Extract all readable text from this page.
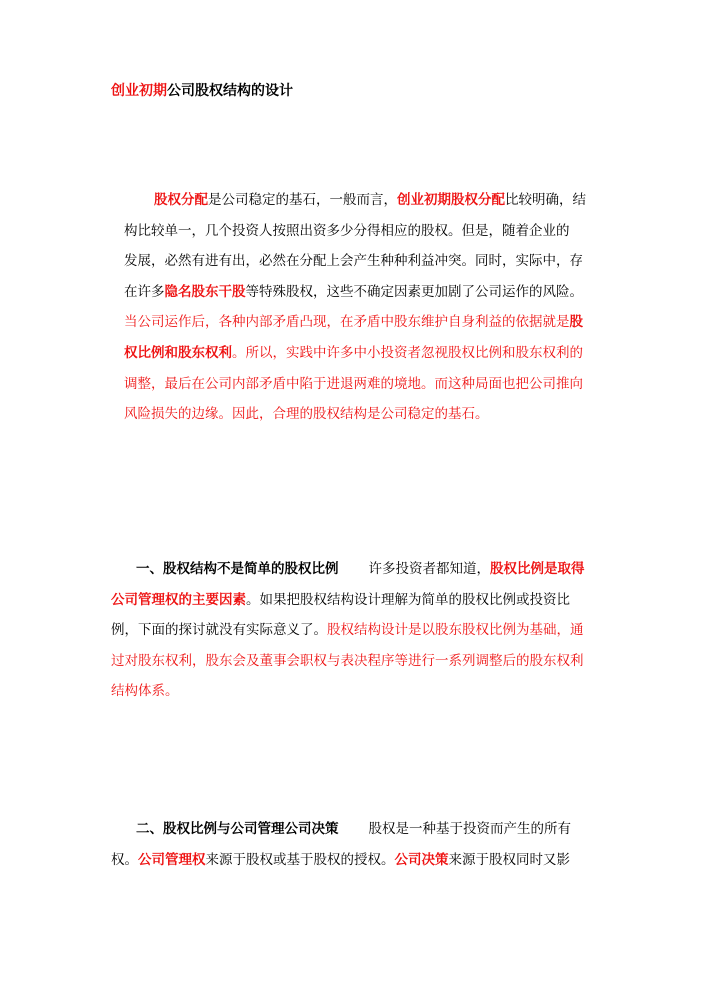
创业初期公司股权结构的设计
股权分配是公司稳定的基石，一般而言，创业初期股权分配比较明确，结
构比较单一，几个投资人按照出资多少分得相应的股权。但是，随着企业的
发展，必然有进有出，必然在分配上会产生种种利益冲突。同时，实际中，存
在许多隐名股东干股等特殊股权，这些不确定因素更加剧了公司运作的风险。
当公司运作后，各种内部矛盾凸现，在矛盾中股东维护自身利益的依据就是股
权比例和股东权利。所以，实践中许多中小投资者忽视股权比例和股东权利的
调整，最后在公司内部矛盾中陷于进退两难的境地。而这种局面也把公司推向
风险损失的边缘。因此，合理的股权结构是公司稳定的基石。
一、股权结构不是简单的股权比例 许多投资者都知道，股权比例是取得
公司管理权的主要因素。如果把股权结构设计理解为简单的股权比例或投资比
例，下面的探讨就没有实际意义了。股权结构设计是以股东股权比例为基础，通
过对股东权利，股东会及董事会职权与表决程序等进行一系列调整后的股东权利
结构体系。
二、股权比例与公司管理公司决策 股权是一种基于投资而产生的所有
权。公司管理权来源于股权或基于股权的授权。公司决策来源于股权同时又影
